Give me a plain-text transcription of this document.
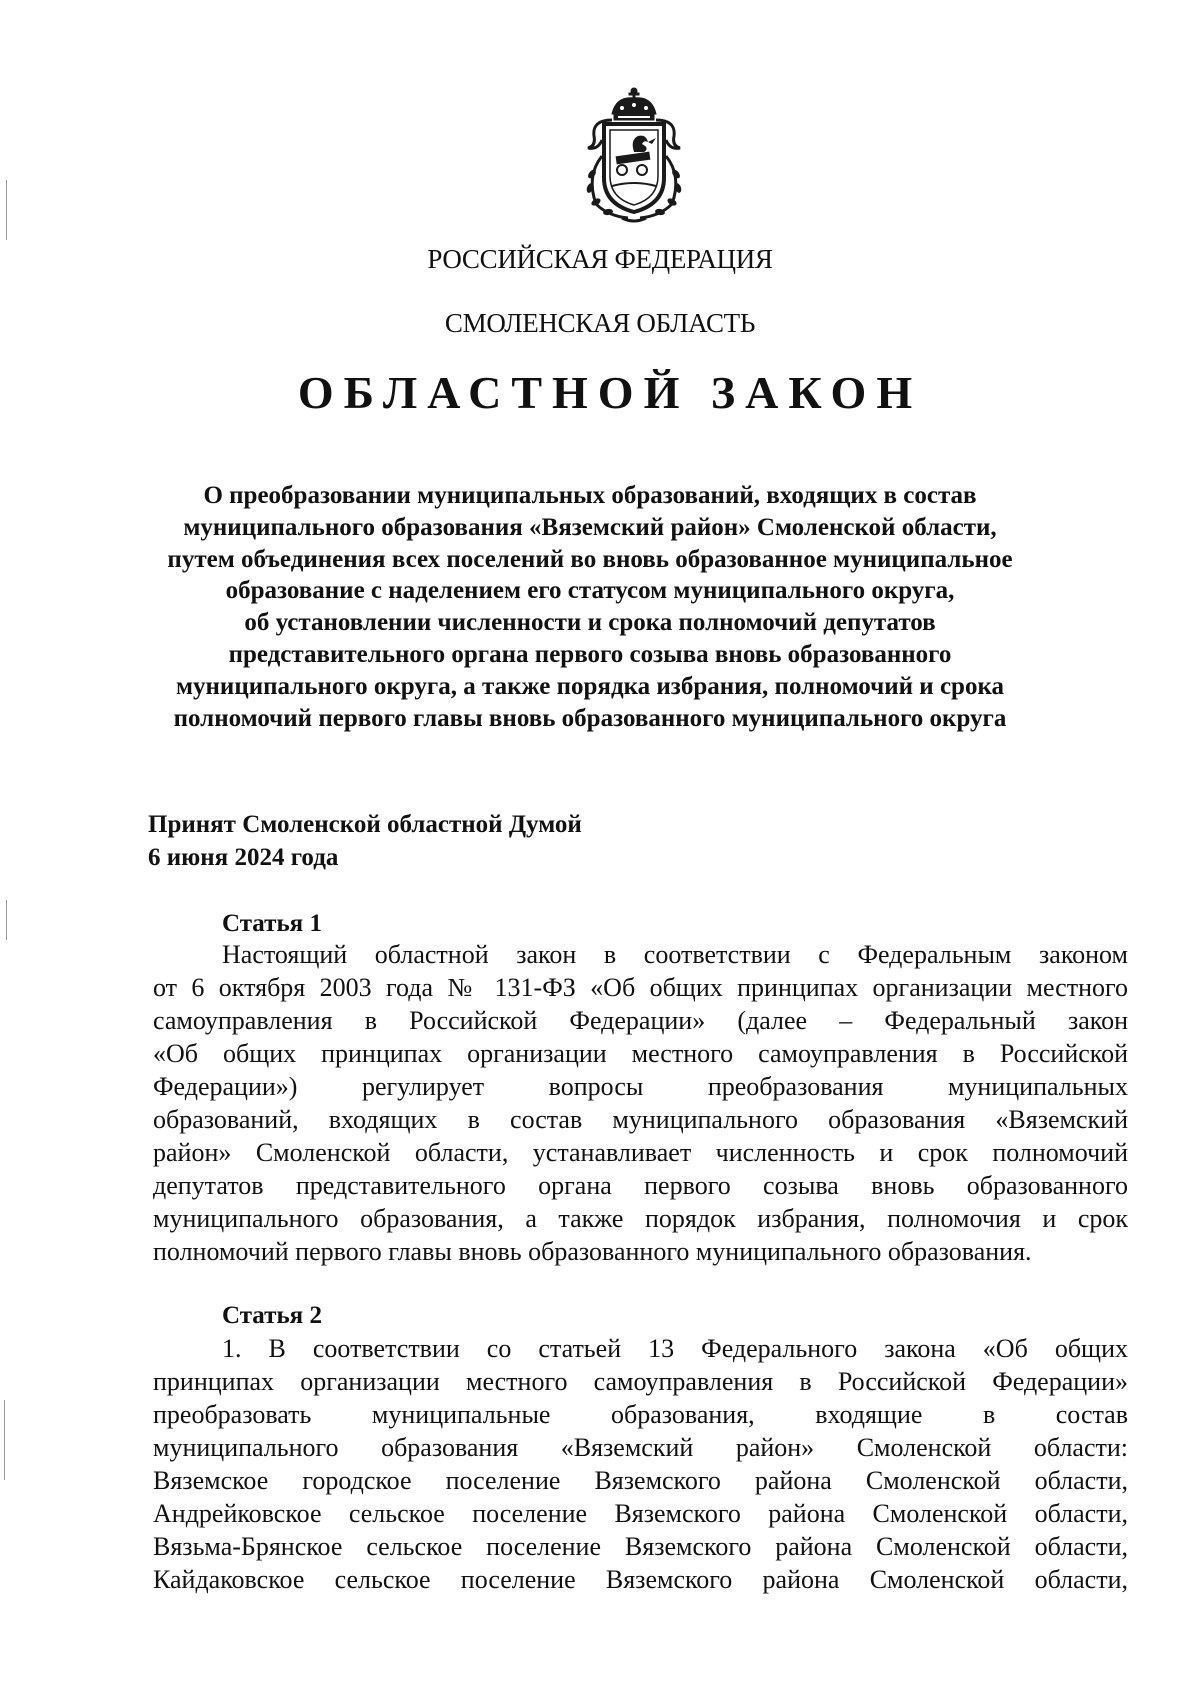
РОССИЙСКАЯ ФЕДЕРАЦИЯ
СМОЛЕНСКАЯ ОБЛАСТЬ
ОБЛАСТНОЙ ЗАКОН
О преобразовании муниципальных образований, входящих в состав
муниципального образования «Вяземский район» Смоленской области,
путем объединения всех поселений во вновь образованное муниципальное
образование с наделением его статусом муниципального округа,
об установлении численности и срока полномочий депутатов
представительного органа первого созыва вновь образованного
муниципального округа, а также порядка избрания, полномочий и срока
полномочий первого главы вновь образованного муниципального округа
Принят Смоленской областной Думой
6 июня 2024 года
Статья 1
Настоящий областной закон в соответствии с Федеральным законом
от 6 октября 2003 года № 131-ФЗ «Об общих принципах организации местного
самоуправления в Российской Федерации» (далее – Федеральный закон
«Об общих принципах организации местного самоуправления в Российской
Федерации») регулирует вопросы преобразования муниципальных
образований, входящих в состав муниципального образования «Вяземский
район» Смоленской области, устанавливает численность и срок полномочий
депутатов представительного органа первого созыва вновь образованного
муниципального образования, а также порядок избрания, полномочия и срок
полномочий первого главы вновь образованного муниципального образования.
Статья 2
1. В соответствии со статьей 13 Федерального закона «Об общих
принципах организации местного самоуправления в Российской Федерации»
преобразовать муниципальные образования, входящие в состав
муниципального образования «Вяземский район» Смоленской области:
Вяземское городское поселение Вяземского района Смоленской области,
Андрейковское сельское поселение Вяземского района Смоленской области,
Вязьма-Брянское сельское поселение Вяземского района Смоленской области,
Кайдаковское сельское поселение Вяземского района Смоленской области,
